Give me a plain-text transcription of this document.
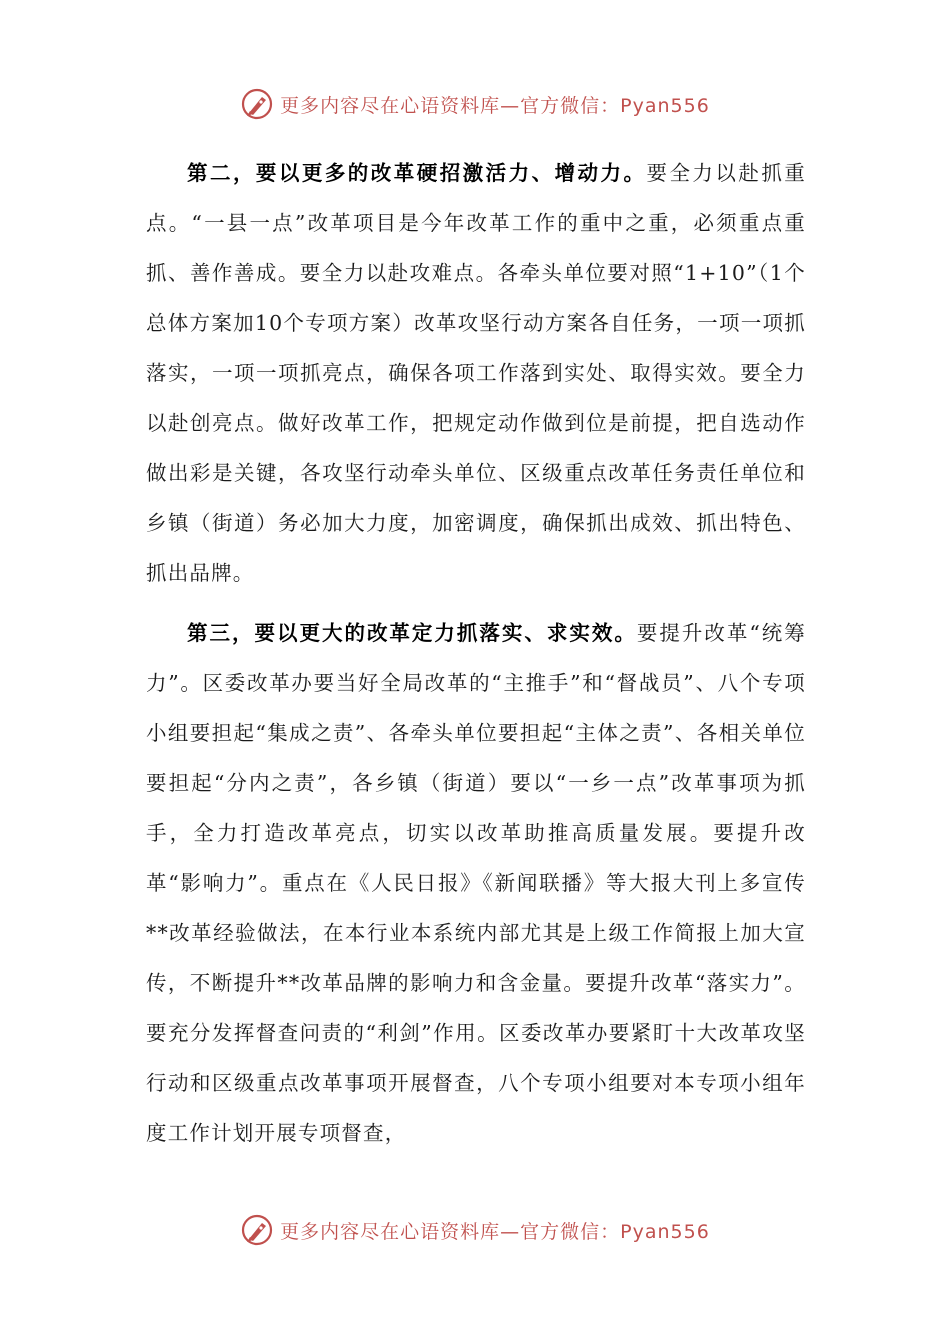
更多内容尽在心语资料库—官方微信：Pyan556

第二，要以更多的改革硬招激活力、增动力。要全力以赴抓重点。“一县一点”改革项目是今年改革工作的重中之重，必须重点重抓、善作善成。要全力以赴攻难点。各牵头单位要对照“1+10”（1个总体方案加10个专项方案）改革攻坚行动方案各自任务，一项一项抓落实，一项一项抓亮点，确保各项工作落到实处、取得实效。要全力以赴创亮点。做好改革工作，把规定动作做到位是前提，把自选动作做出彩是关键，各攻坚行动牵头单位、区级重点改革任务责任单位和乡镇（街道）务必加大力度，加密调度，确保抓出成效、抓出特色、抓出品牌。

第三，要以更大的改革定力抓落实、求实效。要提升改革“统筹力”。区委改革办要当好全局改革的“主推手”和“督战员”、八个专项小组要担起“集成之责”、各牵头单位要担起“主体之责”、各相关单位要担起“分内之责”，各乡镇（街道）要以“一乡一点”改革事项为抓手，全力打造改革亮点，切实以改革助推高质量发展。要提升改革“影响力”。重点在《人民日报》《新闻联播》等大报大刊上多宣传**改革经验做法，在本行业本系统内部尤其是上级工作简报上加大宣传，不断提升**改革品牌的影响力和含金量。要提升改革“落实力”。要充分发挥督查问责的“利剑”作用。区委改革办要紧盯十大改革攻坚行动和区级重点改革事项开展督查，八个专项小组要对本专项小组年度工作计划开展专项督查，

更多内容尽在心语资料库—官方微信：Pyan556
